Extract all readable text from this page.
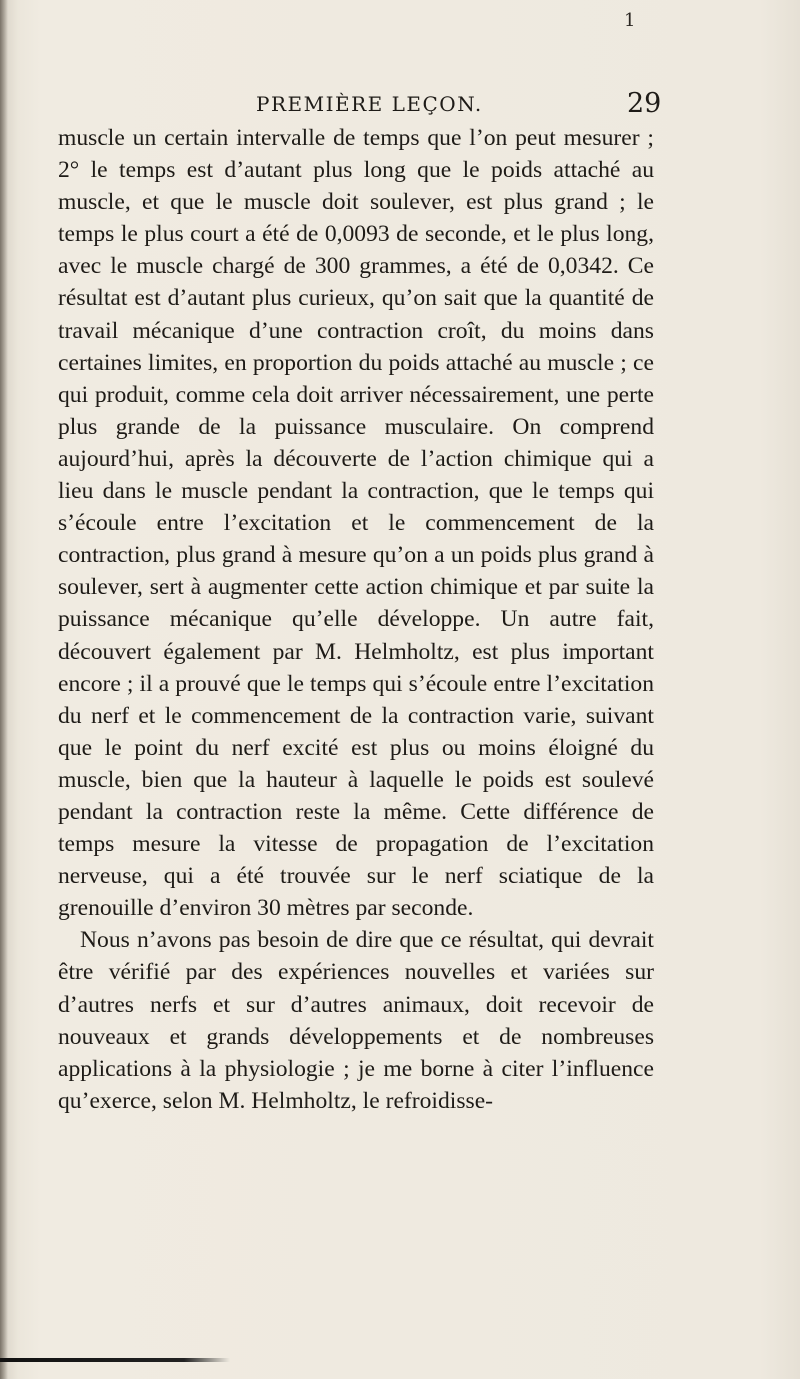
1
PREMIÈRE LEÇON.	29

muscle un certain intervalle de temps que l’on peut mesurer ; 2° le temps est d’autant plus long que le poids attaché au muscle, et que le muscle doit soulever, est plus grand ; le temps le plus court a été de 0,0093 de seconde, et le plus long, avec le muscle chargé de 300 grammes, a été de 0,0342. Ce résultat est d’autant plus curieux, qu’on sait que la quantité de travail mécanique d’une contraction croît, du moins dans certaines limites, en proportion du poids attaché au muscle ; ce qui produit, comme cela doit arriver nécessairement, une perte plus grande de la puissance musculaire. On comprend aujourd’hui, après la découverte de l’action chimique qui a lieu dans le muscle pendant la contraction, que le temps qui s’écoule entre l’excitation et le commencement de la contraction, plus grand à mesure qu’on a un poids plus grand à soulever, sert à augmenter cette action chimique et par suite la puissance mécanique qu’elle développe. Un autre fait, découvert également par M. Helmholtz, est plus important encore ; il a prouvé que le temps qui s’écoule entre l’excitation du nerf et le commencement de la contraction varie, suivant que le point du nerf excité est plus ou moins éloigné du muscle, bien que la hauteur à laquelle le poids est soulevé pendant la contraction reste la même. Cette différence de temps mesure la vitesse de propagation de l’excitation nerveuse, qui a été trouvée sur le nerf sciatique de la grenouille d’environ 30 mètres par seconde.

Nous n’avons pas besoin de dire que ce résultat, qui devrait être vérifié par des expériences nouvelles et variées sur d’autres nerfs et sur d’autres animaux, doit recevoir de nouveaux et grands développements et de nombreuses applications à la physiologie ; je me borne à citer l’influence qu’exerce, selon M. Helmholtz, le refroidisse-
